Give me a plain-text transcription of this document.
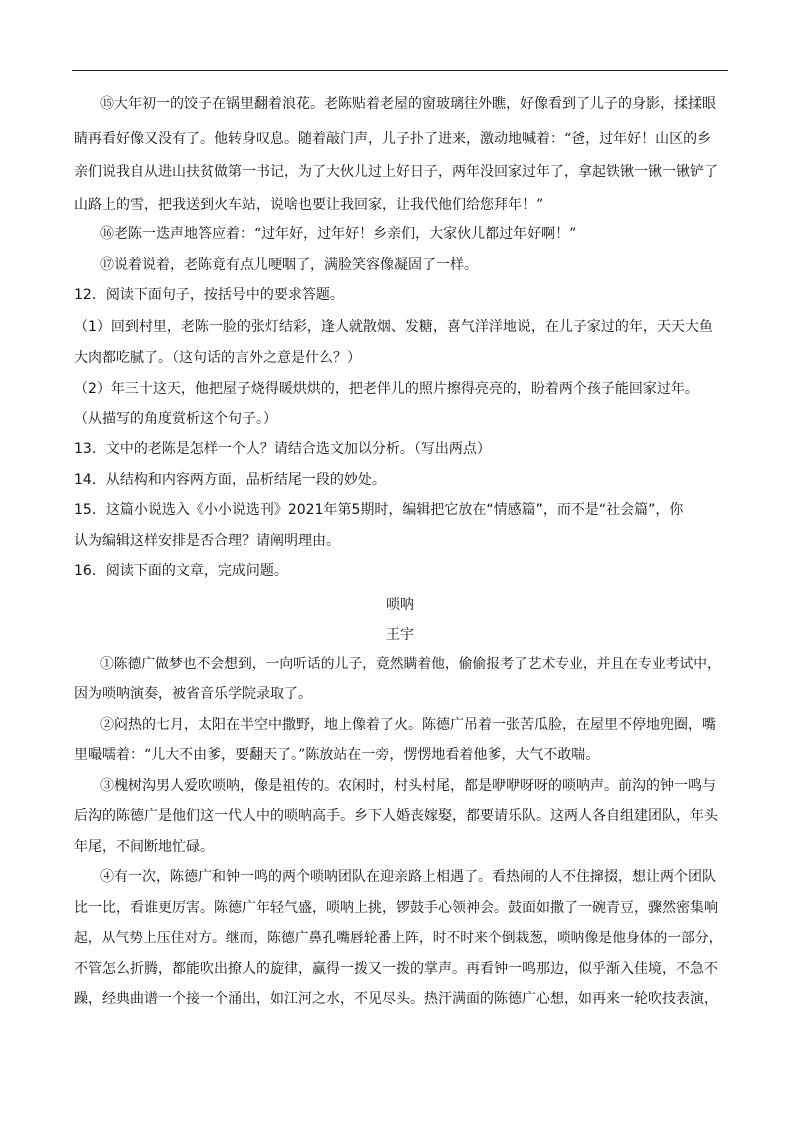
⑮大年初一的饺子在锅里翻着浪花。老陈贴着老屋的窗玻璃往外瞧，好像看到了儿子的身影，揉揉眼
睛再看好像又没有了。他转身叹息。随着敲门声，儿子扑了进来，激动地喊着：“爸，过年好！山区的乡
亲们说我自从进山扶贫做第一书记，为了大伙儿过上好日子，两年没回家过年了，拿起铁锹一锹一锹铲了
山路上的雪，把我送到火车站，说啥也要让我回家，让我代他们给您拜年！”
⑯老陈一迭声地答应着：“过年好，过年好！乡亲们，大家伙儿都过年好啊！”
⑰说着说着，老陈竟有点儿哽咽了，满脸笑容像凝固了一样。
12．阅读下面句子，按括号中的要求答题。
（1）回到村里，老陈一脸的张灯结彩，逢人就散烟、发糖，喜气洋洋地说，在儿子家过的年，天天大鱼
大肉都吃腻了。（这句话的言外之意是什么？）
（2）年三十这天，他把屋子烧得暖烘烘的，把老伴儿的照片擦得亮亮的，盼着两个孩子能回家过年。
（从描写的角度赏析这个句子。）
13．文中的老陈是怎样一个人？请结合选文加以分析。（写出两点）
14．从结构和内容两方面，品析结尾一段的妙处。
15．这篇小说选入《小小说选刊》2021年第5期时，编辑把它放在“情感篇”，而不是“社会篇”，你
认为编辑这样安排是否合理？请阐明理由。
16．阅读下面的文章，完成问题。
唢呐
王宇
①陈德广做梦也不会想到，一向听话的儿子，竟然瞒着他，偷偷报考了艺术专业，并且在专业考试中，
因为唢呐演奏，被省音乐学院录取了。
②闷热的七月，太阳在半空中撒野，地上像着了火。陈德广吊着一张苦瓜脸，在屋里不停地兜圈，嘴
里嘬嚅着：“儿大不由爹，要翻天了。”陈放站在一旁，愣愣地看着他爹，大气不敢喘。
③槐树沟男人爱吹唢呐，像是祖传的。农闲时，村头村尾，都是咿咿呀呀的唢呐声。前沟的钟一鸣与
后沟的陈德广是他们这一代人中的唢呐高手。乡下人婚丧嫁娶，都要请乐队。这两人各自组建团队，年头
年尾，不间断地忙碌。
④有一次，陈德广和钟一鸣的两个唢呐团队在迎亲路上相遇了。看热闹的人不住撺掇，想让两个团队
比一比，看谁更厉害。陈德广年轻气盛，唢呐上挑，锣鼓手心领神会。鼓面如撒了一碗青豆，骤然密集响
起，从气势上压住对方。继而，陈德广鼻孔嘴唇轮番上阵，时不时来个倒栽葱，唢呐像是他身体的一部分，
不管怎么折腾，都能吹出撩人的旋律，赢得一拨又一拨的掌声。再看钟一鸣那边，似乎渐入佳境，不急不
躁，经典曲谱一个接一个涌出，如江河之水，不见尽头。热汗满面的陈德广心想，如再来一轮吹技表演，
